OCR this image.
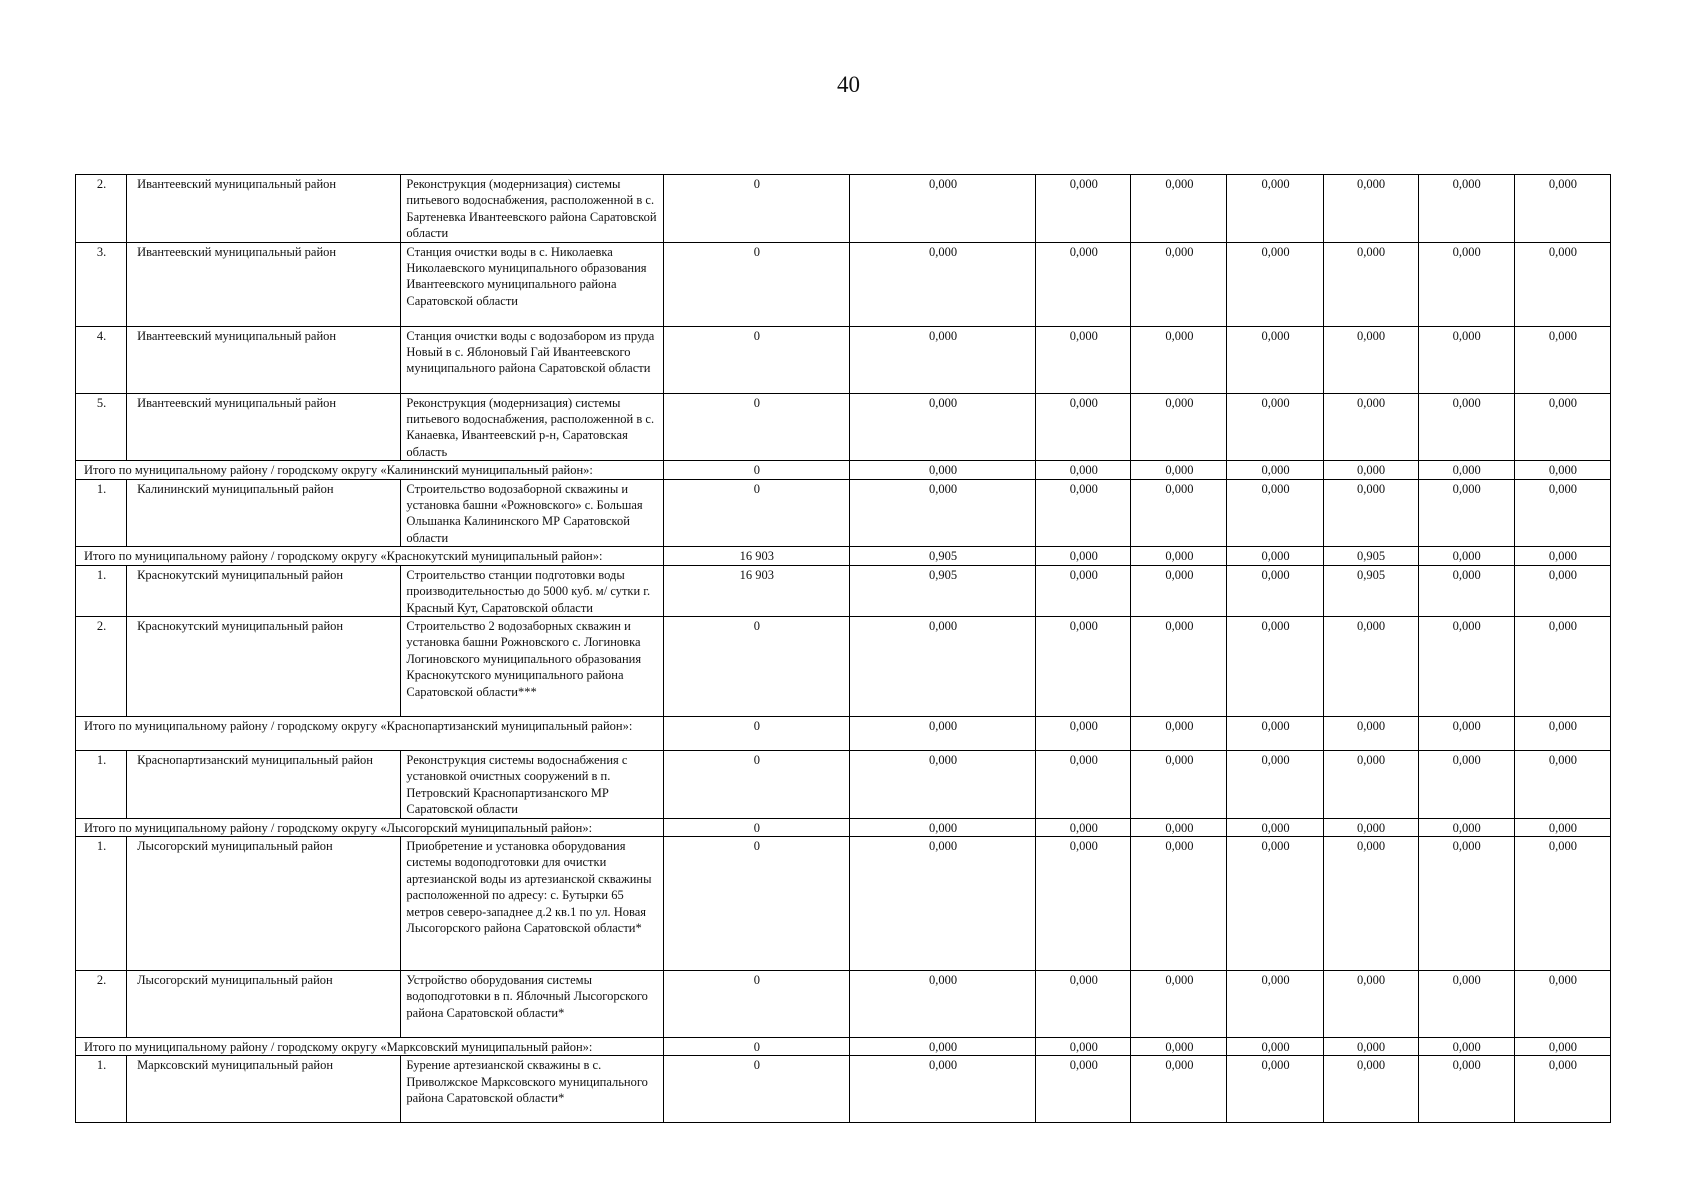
40
2.	Ивантеевский муниципальный район	Реконструкция (модернизация) системы питьевого водоснабжения, расположенной в с. Бартеневка Ивантеевского района Саратовской области	0	0,000	0,000	0,000	0,000	0,000	0,000	0,000
3.	Ивантеевский муниципальный район	Станция очистки воды в с. Николаевка Николаевского муниципального образования Ивантеевского муниципального района Саратовской области	0	0,000	0,000	0,000	0,000	0,000	0,000	0,000
4.	Ивантеевский муниципальный район	Станция очистки воды с водозабором из пруда Новый в с. Яблоновый Гай Ивантеевского муниципального района Саратовской области	0	0,000	0,000	0,000	0,000	0,000	0,000	0,000
5.	Ивантеевский муниципальный район	Реконструкция (модернизация) системы питьевого водоснабжения, расположенной в с. Канаевка, Ивантеевский р-н, Саратовская область	0	0,000	0,000	0,000	0,000	0,000	0,000	0,000
Итого по муниципальному району / городскому округу «Калининский муниципальный район»:			0	0,000	0,000	0,000	0,000	0,000	0,000	0,000
1.	Калининский муниципальный район	Строительство водозаборной скважины и установка башни «Рожновского» с. Большая Ольшанка Калининского МР Саратовской области	0	0,000	0,000	0,000	0,000	0,000	0,000	0,000
Итого по муниципальному району / городскому округу «Краснокутский муниципальный район»:			16 903	0,905	0,000	0,000	0,000	0,905	0,000	0,000
1.	Краснокутский муниципальный район	Строительство станции подготовки воды производительностью до 5000 куб. м/ сутки г. Красный Кут, Саратовской области	16 903	0,905	0,000	0,000	0,000	0,905	0,000	0,000
2.	Краснокутский муниципальный район	Строительство 2 водозаборных скважин и установка башни Рожновского с. Логиновка Логиновского муниципального образования Краснокутского муниципального района Саратовской области***	0	0,000	0,000	0,000	0,000	0,000	0,000	0,000
Итого по муниципальному району / городскому округу «Краснопартизанский муниципальный район»:			0	0,000	0,000	0,000	0,000	0,000	0,000	0,000
1.	Краснопартизанский муниципальный район	Реконструкция системы водоснабжения с установкой очистных сооружений в п. Петровский Краснопартизанского МР Саратовской области	0	0,000	0,000	0,000	0,000	0,000	0,000	0,000
Итого по муниципальному району / городскому округу «Лысогорский муниципальный район»:			0	0,000	0,000	0,000	0,000	0,000	0,000	0,000
1.	Лысогорский муниципальный район	Приобретение и установка оборудования системы водоподготовки для очистки артезианской воды из артезианской скважины расположенной по адресу: с. Бутырки 65 метров северо-западнее д.2 кв.1 по ул. Новая Лысогорского района Саратовской области*	0	0,000	0,000	0,000	0,000	0,000	0,000	0,000
2.	Лысогорский муниципальный район	Устройство оборудования системы водоподготовки в п. Яблочный Лысогорского района Саратовской области*	0	0,000	0,000	0,000	0,000	0,000	0,000	0,000
Итого по муниципальному району / городскому округу «Марксовский муниципальный район»:			0	0,000	0,000	0,000	0,000	0,000	0,000	0,000
1.	Марксовский муниципальный район	Бурение артезианской скважины в с. Приволжское Марксовского муниципального района Саратовской области*	0	0,000	0,000	0,000	0,000	0,000	0,000	0,000
